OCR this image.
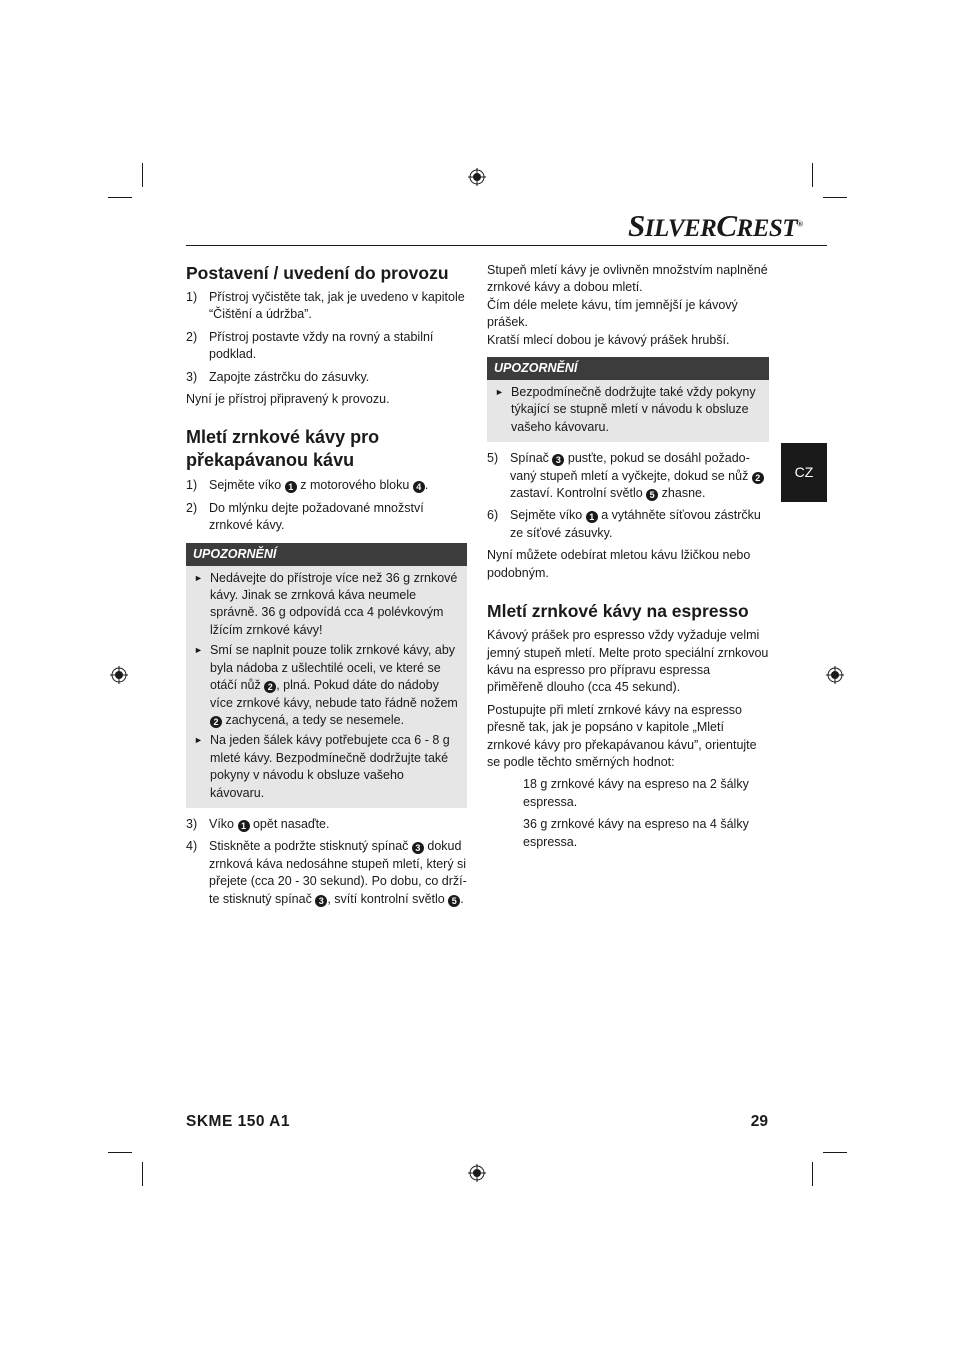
SILVERCREST®
Postavení / uvedení do provozu
1) Přístroj vyčistěte tak, jak je uvedeno v kapitole “Čištění a údržba”.
2) Přístroj postavte vždy na rovný a stabilní podklad.
3) Zapojte zástrčku do zásuvky.

Nyní je přístroj připravený k provozu.

Mletí zrnkové kávy pro překapávanou kávu
1) Sejměte víko 1 z motorového bloku 4 .
2) Do mlýnku dejte požadované množství zrnkové kávy.
UPOZORNĚNÍ
► Nedávejte do přístroje více než 36 g zrnkové kávy. Jinak se zrnková káva neumele správně. 36 g odpovídá cca 4 polévkovým lžícím zrnkové kávy!
► Smí se naplnit pouze tolik zrnkové kávy, aby byla nádoba z ušlechtilé oceli, ve které se otáčí nůž 2 , plná. Pokud dáte do nádoby více zrnkové kávy, nebude tato řádně nožem 2 zachycená, a tedy se nesemele.
► Na jeden šálek kávy potřebujete cca 6 - 8 g mleté kávy. Bezpodmínečně dodržujte také pokyny v návodu k obsluze vašeho kávovaru.
3) Víko 1 opět nasaďte.
4) Stiskněte a podržte stisknutý spínač 3 dokud zrnková káva nedosáhne stupeň mletí, který si přejete (cca 20 - 30 sekund). Po dobu, co držíte stisknutý spínač 3 , svítí kontrolní světlo 5 .

Stupeň mletí kávy je ovlivněn množstvím naplněné zrnkové kávy a dobou mletí.

Čím déle melete kávu, tím jemnější je kávový prášek.

Kratší mlecí dobou je kávový prášek hrubší.

UPOZORNĚNÍ
► Bezpodmínečně dodržujte také vždy pokyny týkající se stupně mletí v návodu k obsluze vašeho kávovaru.
5) Spínač 3 pusťte, pokud se dosáhl požadovaný stupeň mletí a vyčkejte, dokud se nůž 2 zastaví. Kontrolní světlo 5 zhasne.
6) Sejměte víko 1 a vytáhněte síťovou zástrčku ze síťové zásuvky.

Nyní můžete odebírat mletou kávu lžičkou nebo podobným.

Mletí zrnkové kávy na espresso

Kávový prášek pro espresso vždy vyžaduje velmi jemný stupeň mletí. Melte proto speciální zrnkovou kávu na espresso pro přípravu espressa přiměřeně dlouho (cca 45 sekund).

Postupujte při mletí zrnkové kávy na espresso přesně tak, jak je popsáno v kapitole „Mletí zrnkové kávy pro překapávanou kávu”, orientujte se podle těchto směrných hodnot:

18 g zrnkové kávy na espreso na 2 šálky espressa.

36 g zrnkové kávy na espreso na 4 šálky espressa.

CZ
SKME 150 A1	29
